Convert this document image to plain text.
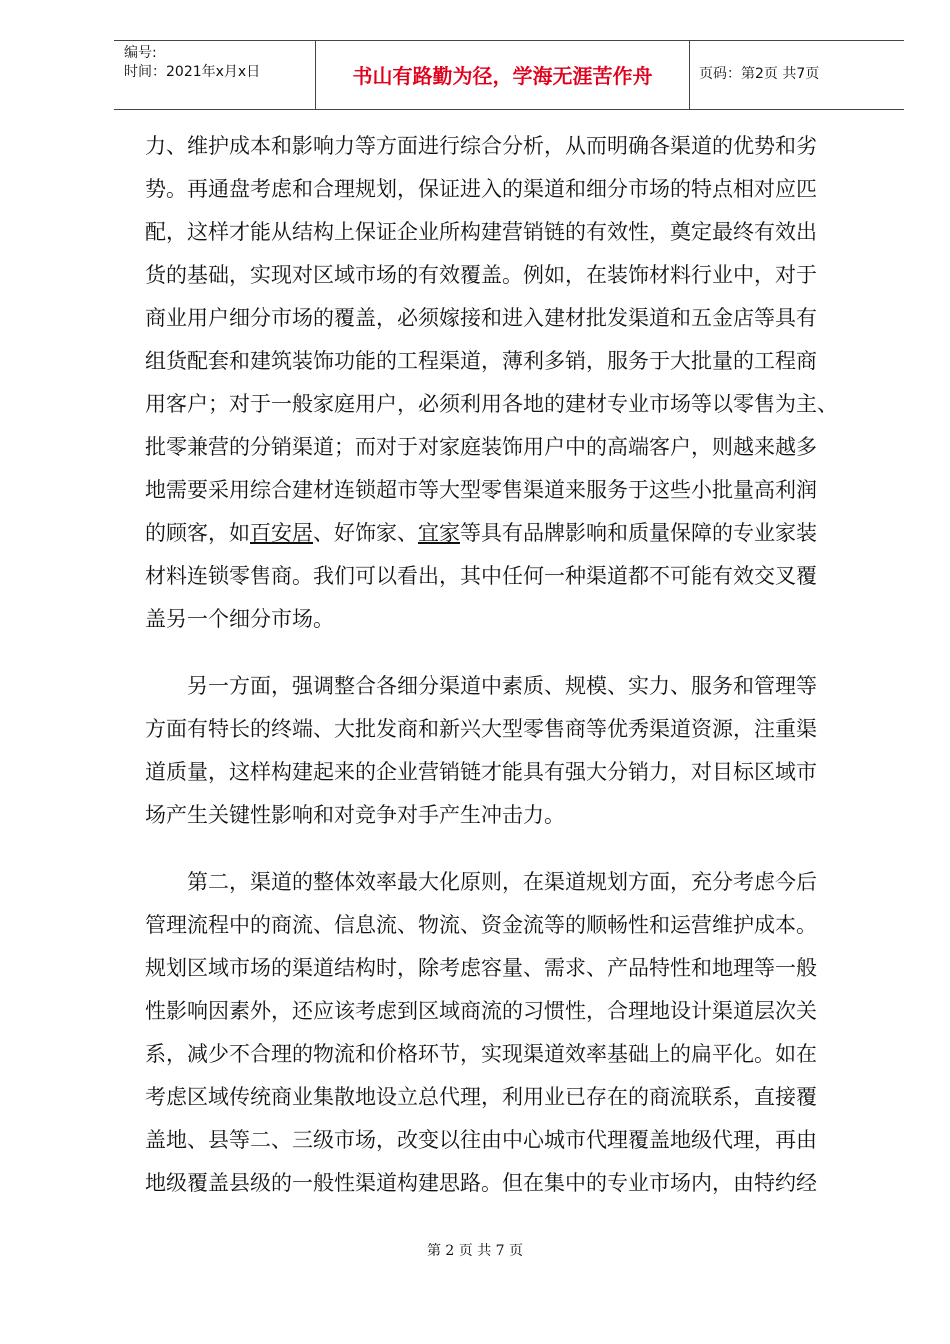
编号:
时间：2021年x月x日	书山有路勤为径，学海无涯苦作舟	页码：第2页 共7页
力、维护成本和影响力等方面进行综合分析，从而明确各渠道的优势和劣
势。再通盘考虑和合理规划，保证进入的渠道和细分市场的特点相对应匹
配，这样才能从结构上保证企业所构建营销链的有效性，奠定最终有效出
货的基础，实现对区域市场的有效覆盖。例如，在装饰材料行业中，对于
商业用户细分市场的覆盖，必须嫁接和进入建材批发渠道和五金店等具有
组货配套和建筑装饰功能的工程渠道，薄利多销，服务于大批量的工程商
用客户；对于一般家庭用户，必须利用各地的建材专业市场等以零售为主、
批零兼营的分销渠道；而对于对家庭装饰用户中的高端客户，则越来越多
地需要采用综合建材连锁超市等大型零售渠道来服务于这些小批量高利润
的顾客，如百安居、好饰家、宜家等具有品牌影响和质量保障的专业家装
材料连锁零售商。我们可以看出，其中任何一种渠道都不可能有效交叉覆
盖另一个细分市场。
　　另一方面，强调整合各细分渠道中素质、规模、实力、服务和管理等
方面有特长的终端、大批发商和新兴大型零售商等优秀渠道资源，注重渠
道质量，这样构建起来的企业营销链才能具有强大分销力，对目标区域市
场产生关键性影响和对竞争对手产生冲击力。
　　第二，渠道的整体效率最大化原则，在渠道规划方面，充分考虑今后
管理流程中的商流、信息流、物流、资金流等的顺畅性和运营维护成本。
规划区域市场的渠道结构时，除考虑容量、需求、产品特性和地理等一般
性影响因素外，还应该考虑到区域商流的习惯性，合理地设计渠道层次关
系，减少不合理的物流和价格环节，实现渠道效率基础上的扁平化。如在
考虑区域传统商业集散地设立总代理，利用业已存在的商流联系，直接覆
盖地、县等二、三级市场，改变以往由中心城市代理覆盖地级代理，再由
地级覆盖县级的一般性渠道构建思路。但在集中的专业市场内，由特约经
第 2 页 共 7 页
